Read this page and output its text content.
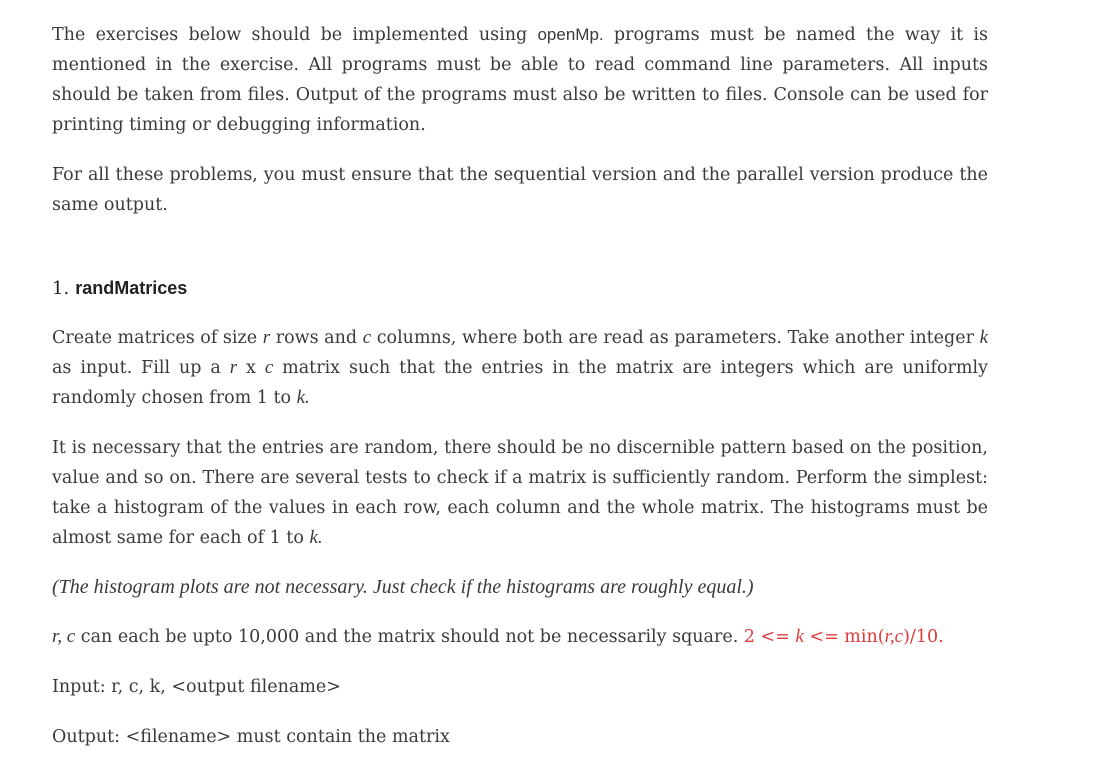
The exercises below should be implemented using openMp. programs must be named the way it is mentioned in the exercise. All programs must be able to read command line parameters. All inputs should be taken from files. Output of the programs must also be written to files. Console can be used for printing timing or debugging information.

For all these problems, you must ensure that the sequential version and the parallel version produce the same output.

1. randMatrices

Create matrices of size r rows and c columns, where both are read as parameters. Take another integer k as input. Fill up a r x c matrix such that the entries in the matrix are integers which are uniformly randomly chosen from 1 to k.

It is necessary that the entries are random, there should be no discernible pattern based on the position, value and so on. There are several tests to check if a matrix is sufficiently random. Perform the simplest: take a histogram of the values in each row, each column and the whole matrix. The histograms must be almost same for each of 1 to k.

(The histogram plots are not necessary. Just check if the histograms are roughly equal.)

r, c can each be upto 10,000 and the matrix should not be necessarily square. 2 <= k <= min(r,c)/10.

Input: r, c, k, <output filename>

Output: <filename> must contain the matrix
